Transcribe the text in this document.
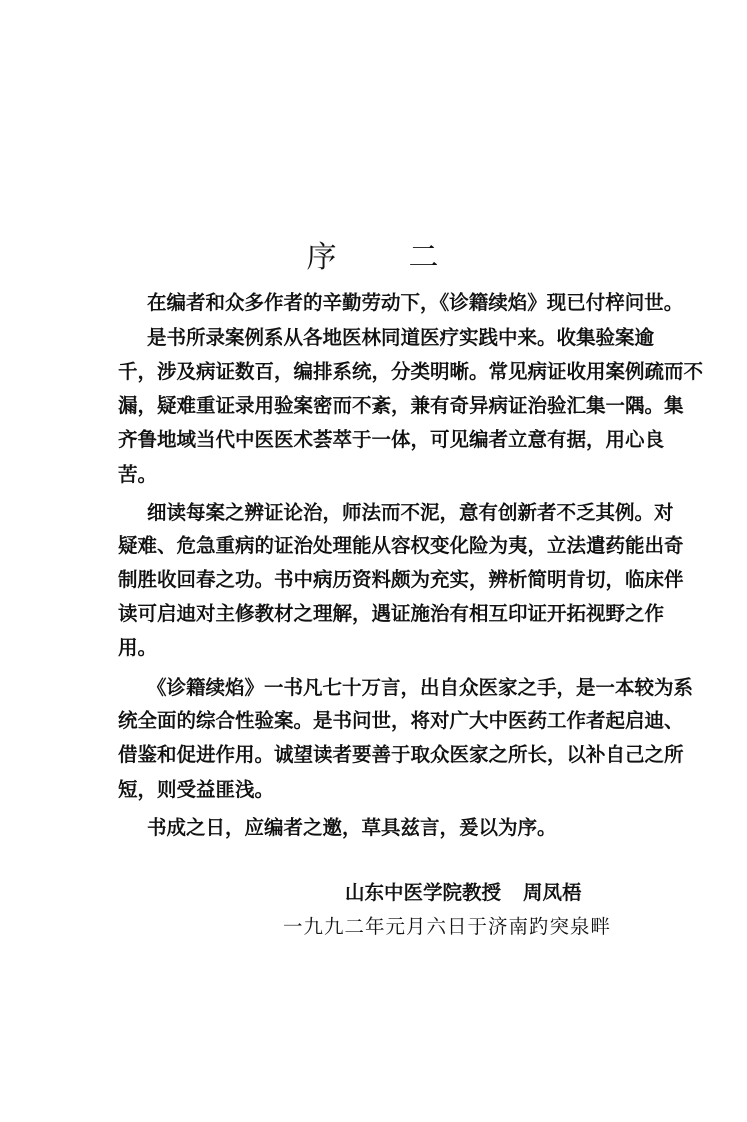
序 二
在编者和众多作者的辛勤劳动下，《诊籍续焰》现已付梓问世。
是书所录案例系从各地医林同道医疗实践中来。收集验案逾
千，涉及病证数百，编排系统，分类明晰。常见病证收用案例疏而不
漏，疑难重证录用验案密而不紊，兼有奇异病证治验汇集一隅。集
齐鲁地域当代中医医术荟萃于一体，可见编者立意有据，用心良
苦。
细读每案之辨证论治，师法而不泥，意有创新者不乏其例。对
疑难、危急重病的证治处理能从容权变化险为夷，立法遣药能出奇
制胜收回春之功。书中病历资料颇为充实，辨析简明肯切，临床伴
读可启迪对主修教材之理解，遇证施治有相互印证开拓视野之作
用。
《诊籍续焰》一书凡七十万言，出自众医家之手，是一本较为系
统全面的综合性验案。是书问世，将对广大中医药工作者起启迪、
借鉴和促进作用。诚望读者要善于取众医家之所长，以补自己之所
短，则受益匪浅。
书成之日，应编者之邀，草具兹言，爰以为序。
山东中医学院教授 周凤梧
一九九二年元月六日于济南趵突泉畔
